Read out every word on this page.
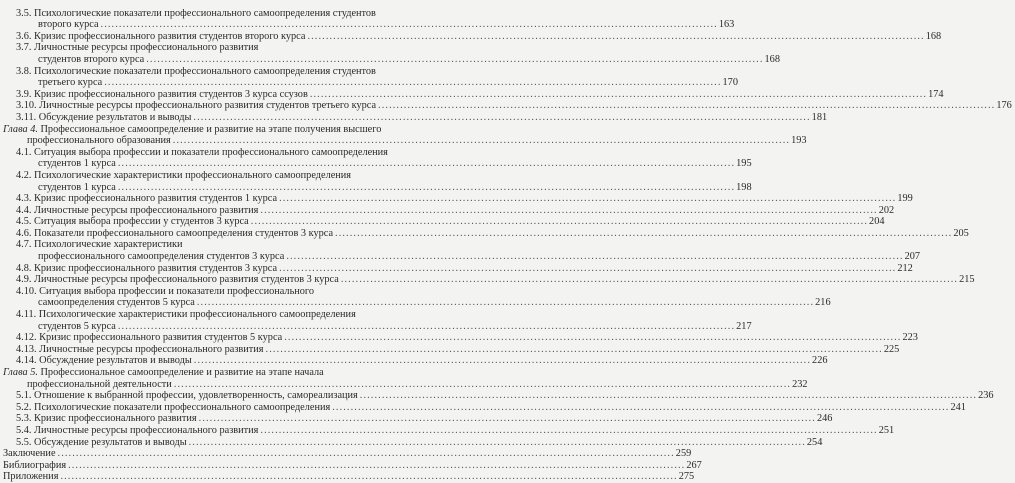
3.5. Психологические показатели профессионального самоопределения студентов
второго курса .....	163
3.6. Кризис профессионального развития студентов второго курса .....	168
3.7. Личностные ресурсы профессионального развития
студентов второго курса .....	168
3.8. Психологические показатели профессионального самоопределения студентов
третьего курса .....	170
3.9. Кризис профессионального развития студентов 3 курса ссузов .....	174
3.10. Личностные ресурсы профессионального развития студентов третьего курса .....	176
3.11. Обсуждение результатов и выводы .....	181
Глава 4. Профессиональное самоопределение и развитие на этапе получения высшего
профессионального образования .....	193
4.1. Ситуация выбора профессии и показатели профессионального самоопределения
студентов 1 курса .....	195
4.2. Психологические характеристики профессионального самоопределения
студентов 1 курса .....	198
4.3. Кризис профессионального развития студентов 1 курса .....	199
4.4. Личностные ресурсы профессионального развития .....	202
4.5. Ситуация выбора профессии у студентов 3 курса .....	204
4.6. Показатели профессионального самоопределения студентов 3 курса .....	205
4.7. Психологические характеристики
профессионального самоопределения студентов 3 курса .....	207
4.8. Кризис профессионального развития студентов 3 курса .....	212
4.9. Личностные ресурсы профессионального развития студентов 3 курса .....	215
4.10. Ситуация выбора профессии и показатели профессионального
самоопределения студентов 5 курса .....	216
4.11. Психологические характеристики профессионального самоопределения
студентов 5 курса .....	217
4.12. Кризис профессионального развития студентов 5 курса .....	223
4.13. Личностные ресурсы профессионального развития .....	225
4.14. Обсуждение результатов и выводы .....	226
Глава 5. Профессиональное самоопределение и развитие на этапе начала
профессиональной деятельности .....	232
5.1. Отношение к выбранной профессии, удовлетворенность, самореализация .....	236
5.2. Психологические показатели профессионального самоопределения .....	241
5.3. Кризис профессионального развития .....	246
5.4. Личностные ресурсы профессионального развития .....	251
5.5. Обсуждение результатов и выводы .....	254
Заключение .....	259
Библиография .....	267
Приложения .....	275
